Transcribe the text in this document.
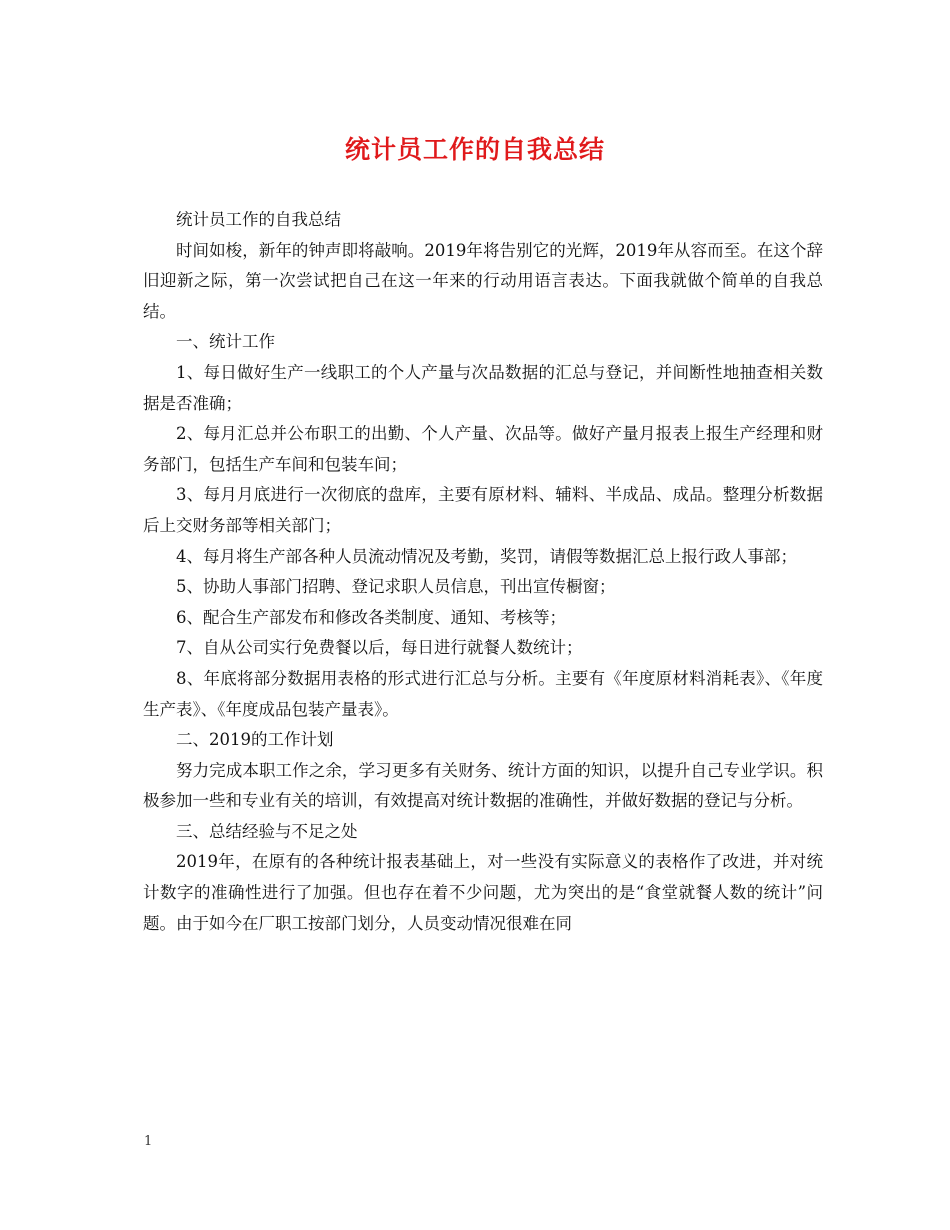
统计员工作的自我总结

统计员工作的自我总结

时间如梭，新年的钟声即将敲响。2019年将告别它的光辉，2019年从容而至。在这个辞旧迎新之际，第一次尝试把自己在这一年来的行动用语言表达。下面我就做个简单的自我总结。

一、统计工作

1、每日做好生产一线职工的个人产量与次品数据的汇总与登记，并间断性地抽查相关数据是否准确；

2、每月汇总并公布职工的出勤、个人产量、次品等。做好产量月报表上报生产经理和财务部门，包括生产车间和包装车间；

3、每月月底进行一次彻底的盘库，主要有原材料、辅料、半成品、成品。整理分析数据后上交财务部等相关部门；

4、每月将生产部各种人员流动情况及考勤，奖罚，请假等数据汇总上报行政人事部；

5、协助人事部门招聘、登记求职人员信息，刊出宣传橱窗；

6、配合生产部发布和修改各类制度、通知、考核等；

7、自从公司实行免费餐以后，每日进行就餐人数统计；

8、年底将部分数据用表格的形式进行汇总与分析。主要有《年度原材料消耗表》、《年度生产表》、《年度成品包装产量表》。

二、2019的工作计划

努力完成本职工作之余，学习更多有关财务、统计方面的知识，以提升自己专业学识。积极参加一些和专业有关的培训，有效提高对统计数据的准确性，并做好数据的登记与分析。

三、总结经验与不足之处

2019年，在原有的各种统计报表基础上，对一些没有实际意义的表格作了改进，并对统计数字的准确性进行了加强。但也存在着不少问题，尤为突出的是“食堂就餐人数的统计”问题。由于如今在厂职工按部门划分，人员变动情况很难在同

1
